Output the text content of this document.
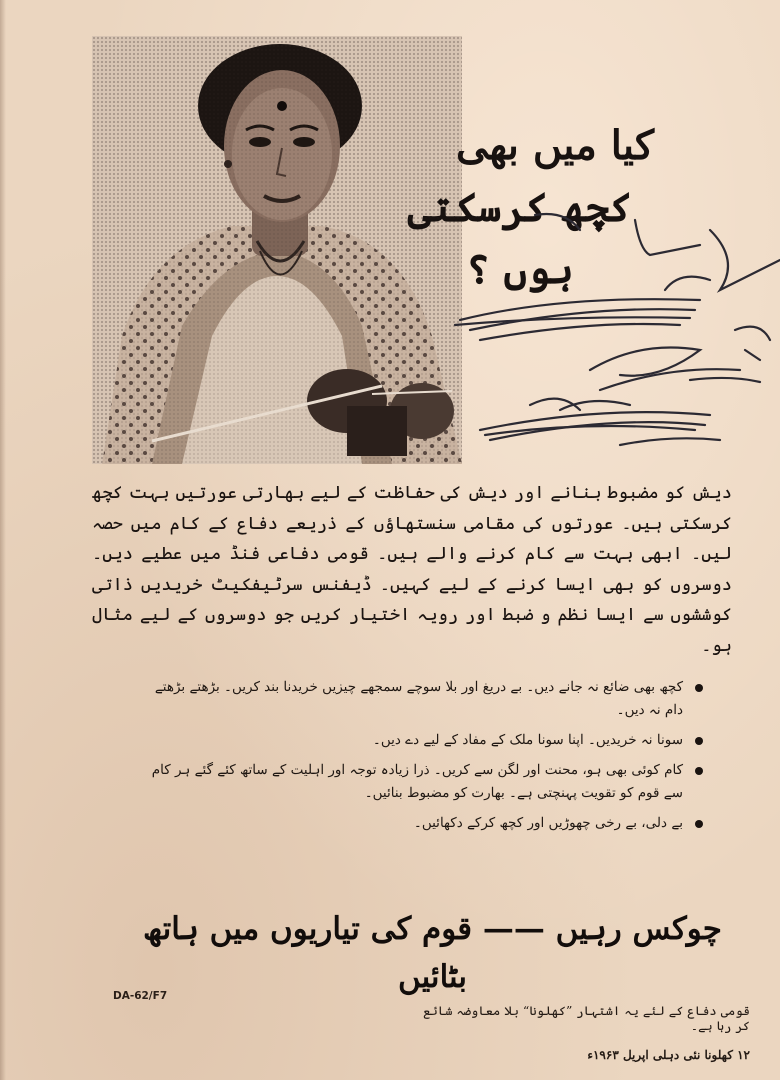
کیا میں بھی
کچھ کرسکتی ہوں ؟
دیش کو مضبوط بنانے اور دیش کی حفاظت کے لیے بھارتی عورتیں بہت کچھ کرسکتی ہیں۔ عورتوں کی مقامی سنستھاؤں کے ذریعے دفاع کے کام میں حصہ لیں۔ ابھی بہت سے کام کرنے والے ہیں۔ قومی دفاعی فنڈ میں عطیے دیں۔ دوسروں کو بھی ایسا کرنے کے لیے کہیں۔ ڈیفنس سرٹیفکیٹ خریدیں ذاتی کوششوں سے ایسا نظم و ضبط اور رویہ اختیار کریں جو دوسروں کے لیے مثال ہو۔
کچھ بھی ضائع نہ جانے دیں۔ بے دریغ اور بلا سوچے سمجھے چیزیں خریدنا بند کریں۔ بڑھتے بڑھتے دام نہ دیں۔
سونا نہ خریدیں۔ اپنا سونا ملک کے مفاد کے لیے دے دیں۔
کام کوئی بھی ہو، محنت اور لگن سے کریں۔ ذرا زیادہ توجہ اور اہلیت کے ساتھ کئے گئے ہر کام سے قوم کو تقویت پہنچتی ہے۔ بھارت کو مضبوط بنائیں۔
بے دلی، بے رخی چھوڑیں اور کچھ کرکے دکھائیں۔
چوکس رہیں —— قوم کی تیاریوں میں ہاتھ بٹائیں
DA-62/F7
قومی دفاع کے لئے یہ اشتہار ”کھلونا“ بلا معاوضہ شائع کر رہا ہے۔
۱۲ کھلونا نئی دہلی اپریل ۱۹۶۳ء
